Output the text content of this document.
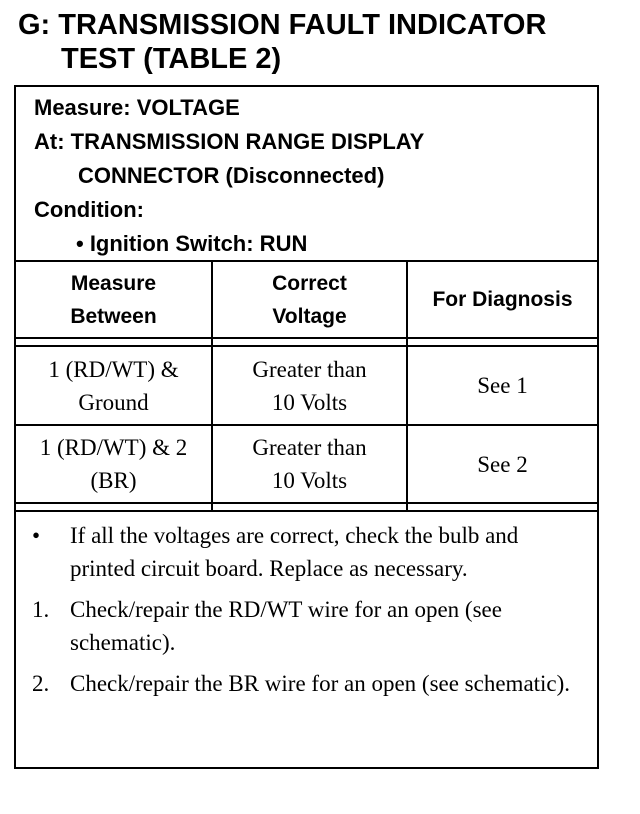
G: TRANSMISSION FAULT INDICATOR
TEST (TABLE 2)
Measure: VOLTAGE
At: TRANSMISSION RANGE DISPLAY
CONNECTOR (Disconnected)
Condition:
• Ignition Switch: RUN
Measure
Between
Correct
Voltage
For Diagnosis
1 (RD/WT) &
Ground
Greater than
10 Volts
See 1
1 (RD/WT) & 2
(BR)
Greater than
10 Volts
See 2
• If all the voltages are correct, check the bulb and printed circuit board. Replace as necessary.
1. Check/repair the RD/WT wire for an open (see schematic).
2. Check/repair the BR wire for an open (see schematic).
